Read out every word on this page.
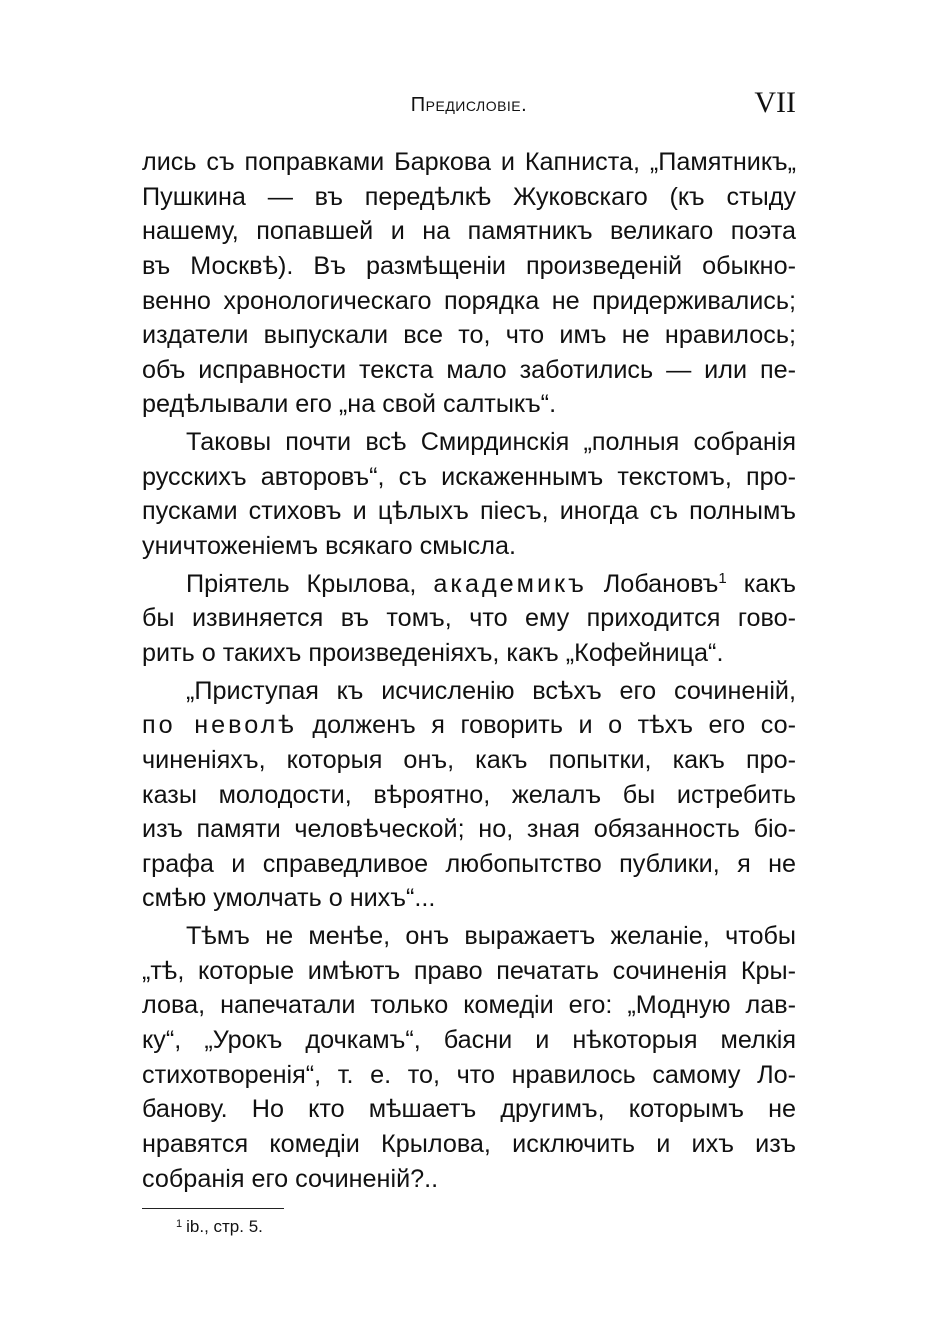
Предисловіе.	VII
лись съ поправками Баркова и Капниста, „Памятникъ„
Пушкина — въ передѣлкѣ Жуковскаго (къ стыду
нашему, попавшей и на памятникъ великаго поэта
въ Москвѣ). Въ размѣщеніи произведеній обыкно-
венно хронологическаго порядка не придерживались;
издатели выпускали все то, что имъ не нравилось;
объ исправности текста мало заботились — или пе-
редѣлывали его „на свой салтыкъ“.
Таковы почти всѣ Смирдинскія „полныя собранія
русскихъ авторовъ“, съ искаженнымъ текстомъ, про-
пусками стиховъ и цѣлыхъ піесъ, иногда съ полнымъ
уничтоженіемъ всякаго смысла.
Пріятель Крылова, академикъ Лобановъ$^1$ какъ
бы извиняется въ томъ, что ему приходится гово-
рить о такихъ произведеніяхъ, какъ „Кофейница“.
„Приступая къ исчисленію всѣхъ его сочиненій,
по неволѣ долженъ я говорить и о тѣхъ его со-
чиненіяхъ, которыя онъ, какъ попытки, какъ про-
казы молодости, вѣроятно, желалъ бы истребить
изъ памяти человѣческой; но, зная обязанность біо-
графа и справедливое любопытство публики, я не
смѣю умолчать о нихъ“...
Тѣмъ не менѣе, онъ выражаетъ желаніе, чтобы
„тѣ, которые имѣютъ право печатать сочиненія Кры-
лова, напечатали только комедіи его: „Модную лав-
ку“, „Урокъ дочкамъ“, басни и нѣкоторыя мелкія
стихотворенія“, т. е. то, что нравилось самому Ло-
банову. Но кто мѣшаетъ другимъ, которымъ не
нравятся комедіи Крылова, исключить и ихъ изъ
собранія его сочиненій?..
$^1$ ib., стр. 5.
